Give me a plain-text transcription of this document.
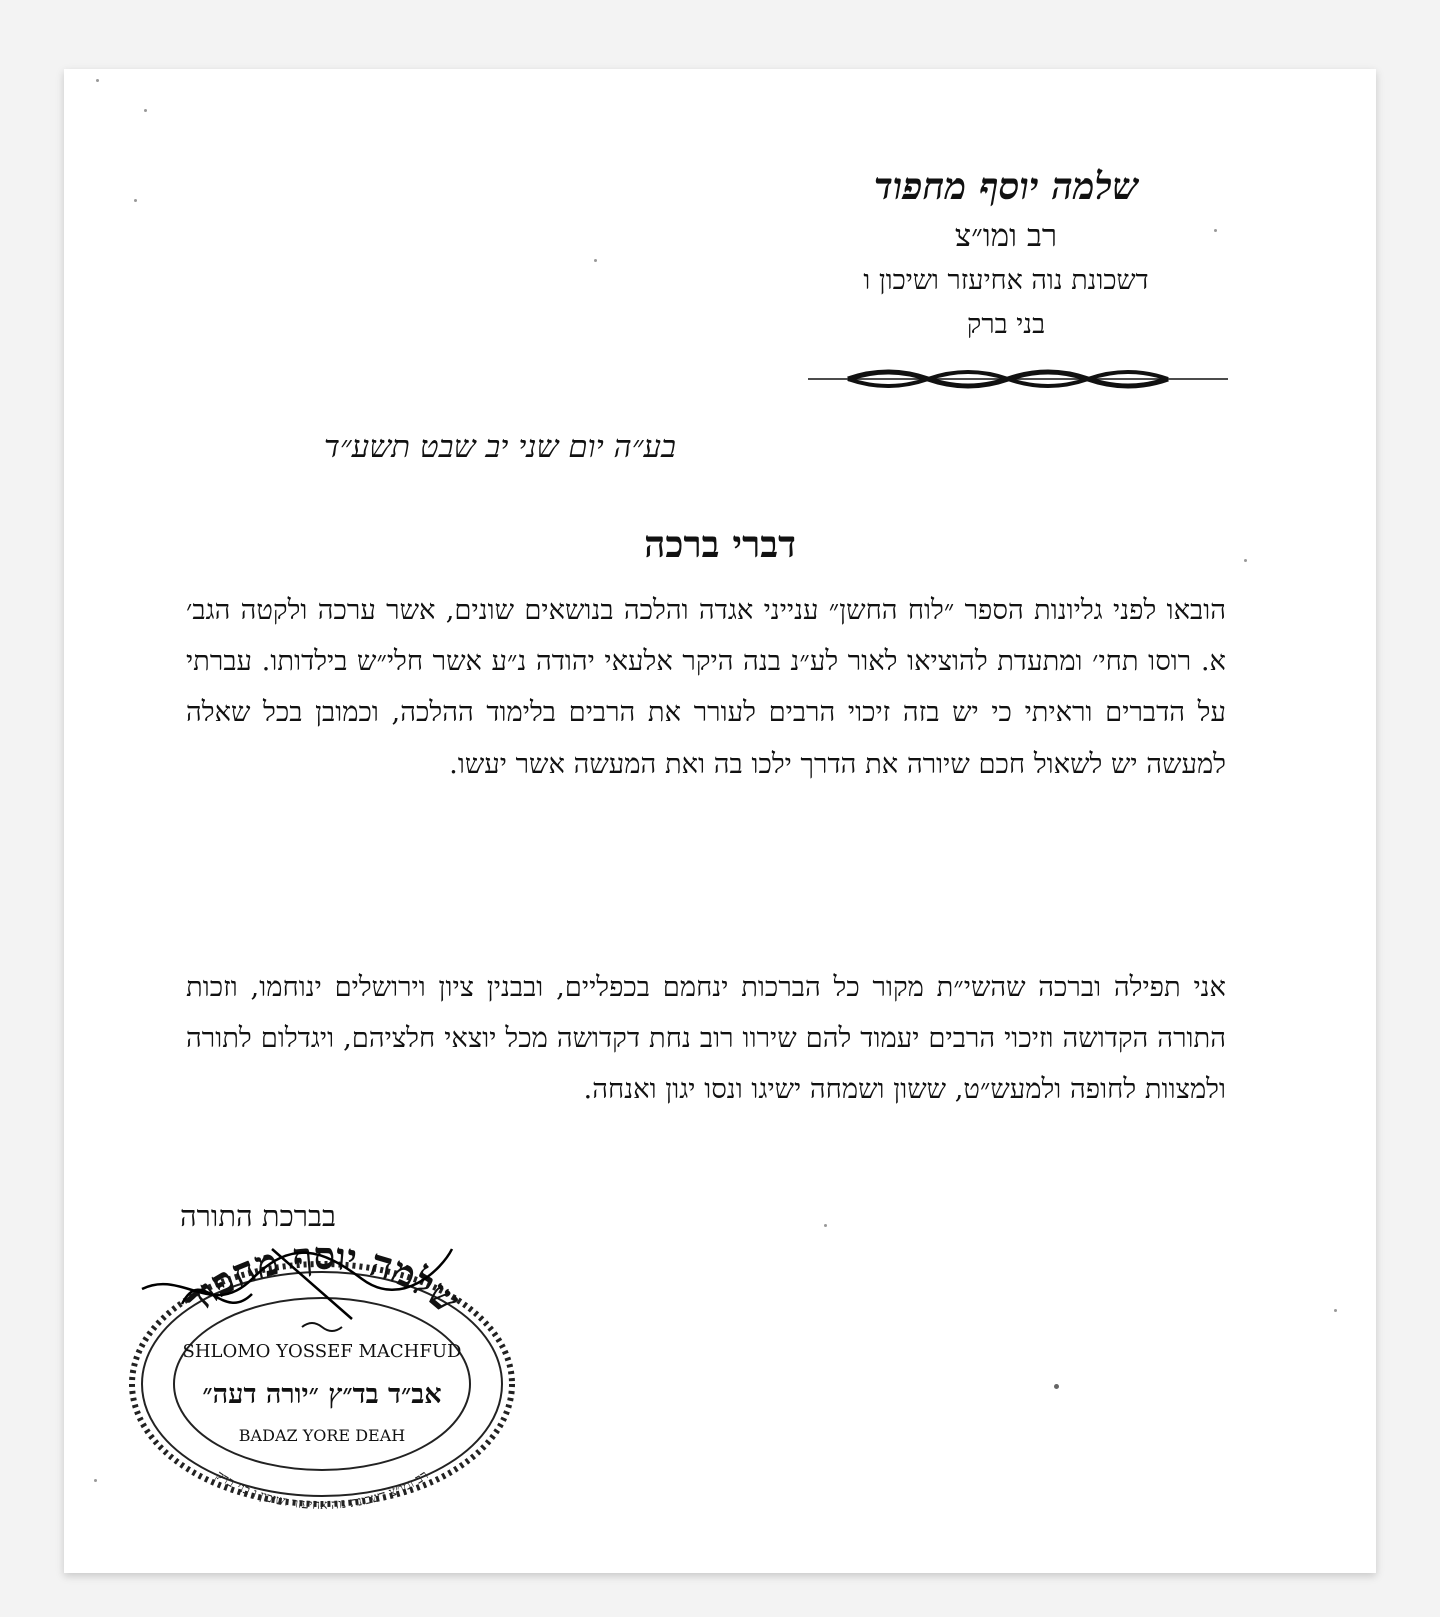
שלמה יוסף מחפוד
רב ומו״צ
דשכונת נוה אחיעזר ושיכון ו
בני ברק
בע״ה יום שני יב שבט תשע״ד
דברי ברכה
הובאו לפני גליונות הספר ״לוח החשן״ ענייני אגדה והלכה בנושאים שונים, אשר ערכה ולקטה הגב׳ א. רוסו תחי׳ ומתעדת להוציאו לאור לע״נ בנה היקר אלעאי יהודה נ״ע אשר חלי״ש בילדותו. עברתי על הדברים וראיתי כי יש בזה זיכוי הרבים לעורר את הרבים בלימוד ההלכה, וכמובן בכל שאלה למעשה יש לשאול חכם שיורה את הדרך ילכו בה ואת המעשה אשר יעשו.
אני תפילה וברכה שהשי״ת מקור כל הברכות ינחמם בכפליים, ובבנין ציון וירושלים ינוחמו, וזכות התורה הקדושה וזיכוי הרבים יעמוד להם שירוו רוב נחת דקדושה מכל יוצאי חלציהם, ויגדלום לתורה ולמצוות לחופה ולמעש״ט, ששון ושמחה ישיגו ונסו יגון ואנחה.
בברכת התורה
שלמה יוסף מחפוד
רב ומו״צ דשכונת נוה אחיעזר ושיכון ו בני ברק
SHLOMO YOSSEF MACHFUD
אב״ד בד״ץ ״יורה דעה״
BADAZ YORE DEAH
